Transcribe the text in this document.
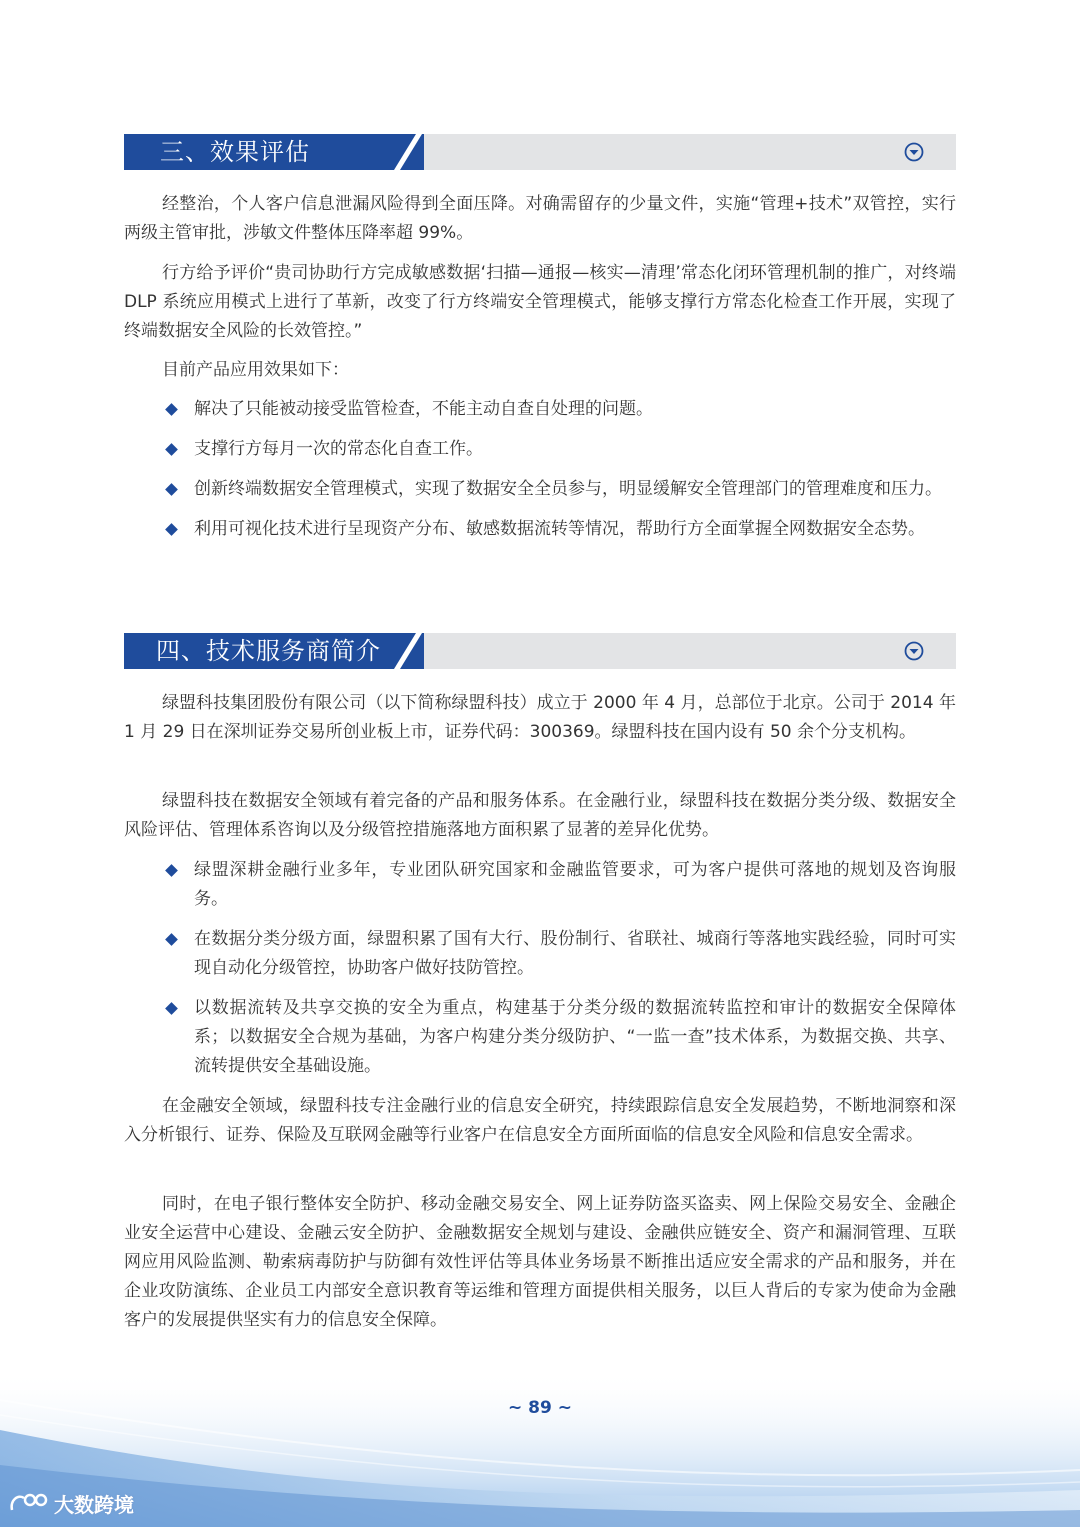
三、效果评估

经整治，个人客户信息泄漏风险得到全面压降。对确需留存的少量文件，实施“管理+技术”双管控，实行两级主管审批，涉敏文件整体压降率超 99%。

行方给予评价“贵司协助行方完成敏感数据‘扫描—通报—核实—清理’常态化闭环管理机制的推广，对终端 DLP 系统应用模式上进行了革新，改变了行方终端安全管理模式，能够支撑行方常态化检查工作开展，实现了终端数据安全风险的长效管控。”

目前产品应用效果如下：

解决了只能被动接受监管检查，不能主动自查自处理的问题。
支撑行方每月一次的常态化自查工作。
创新终端数据安全管理模式，实现了数据安全全员参与，明显缓解安全管理部门的管理难度和压力。
利用可视化技术进行呈现资产分布、敏感数据流转等情况，帮助行方全面掌握全网数据安全态势。
四、技术服务商简介

绿盟科技集团股份有限公司（以下简称绿盟科技）成立于 2000 年 4 月，总部位于北京。公司于 2014 年 1 月 29 日在深圳证券交易所创业板上市，证券代码：300369。绿盟科技在国内设有 50 余个分支机构。

绿盟科技在数据安全领域有着完备的产品和服务体系。在金融行业，绿盟科技在数据分类分级、数据安全风险评估、管理体系咨询以及分级管控措施落地方面积累了显著的差异化优势。

绿盟深耕金融行业多年，专业团队研究国家和金融监管要求，可为客户提供可落地的规划及咨询服务。
在数据分类分级方面，绿盟积累了国有大行、股份制行、省联社、城商行等落地实践经验，同时可实现自动化分级管控，协助客户做好技防管控。
以数据流转及共享交换的安全为重点，构建基于分类分级的数据流转监控和审计的数据安全保障体系；以数据安全合规为基础，为客户构建分类分级防护、“一监一查”技术体系，为数据交换、共享、流转提供安全基础设施。

在金融安全领域，绿盟科技专注金融行业的信息安全研究，持续跟踪信息安全发展趋势，不断地洞察和深入分析银行、证券、保险及互联网金融等行业客户在信息安全方面所面临的信息安全风险和信息安全需求。

同时，在电子银行整体安全防护、移动金融交易安全、网上证券防盗买盗卖、网上保险交易安全、金融企业安全运营中心建设、金融云安全防护、金融数据安全规划与建设、金融供应链安全、资产和漏洞管理、互联网应用风险监测、勒索病毒防护与防御有效性评估等具体业务场景不断推出适应安全需求的产品和服务，并在企业攻防演练、企业员工内部安全意识教育等运维和管理方面提供相关服务，以巨人背后的专家为使命为金融客户的发展提供坚实有力的信息安全保障。

~ 89 ~
大数跨境
